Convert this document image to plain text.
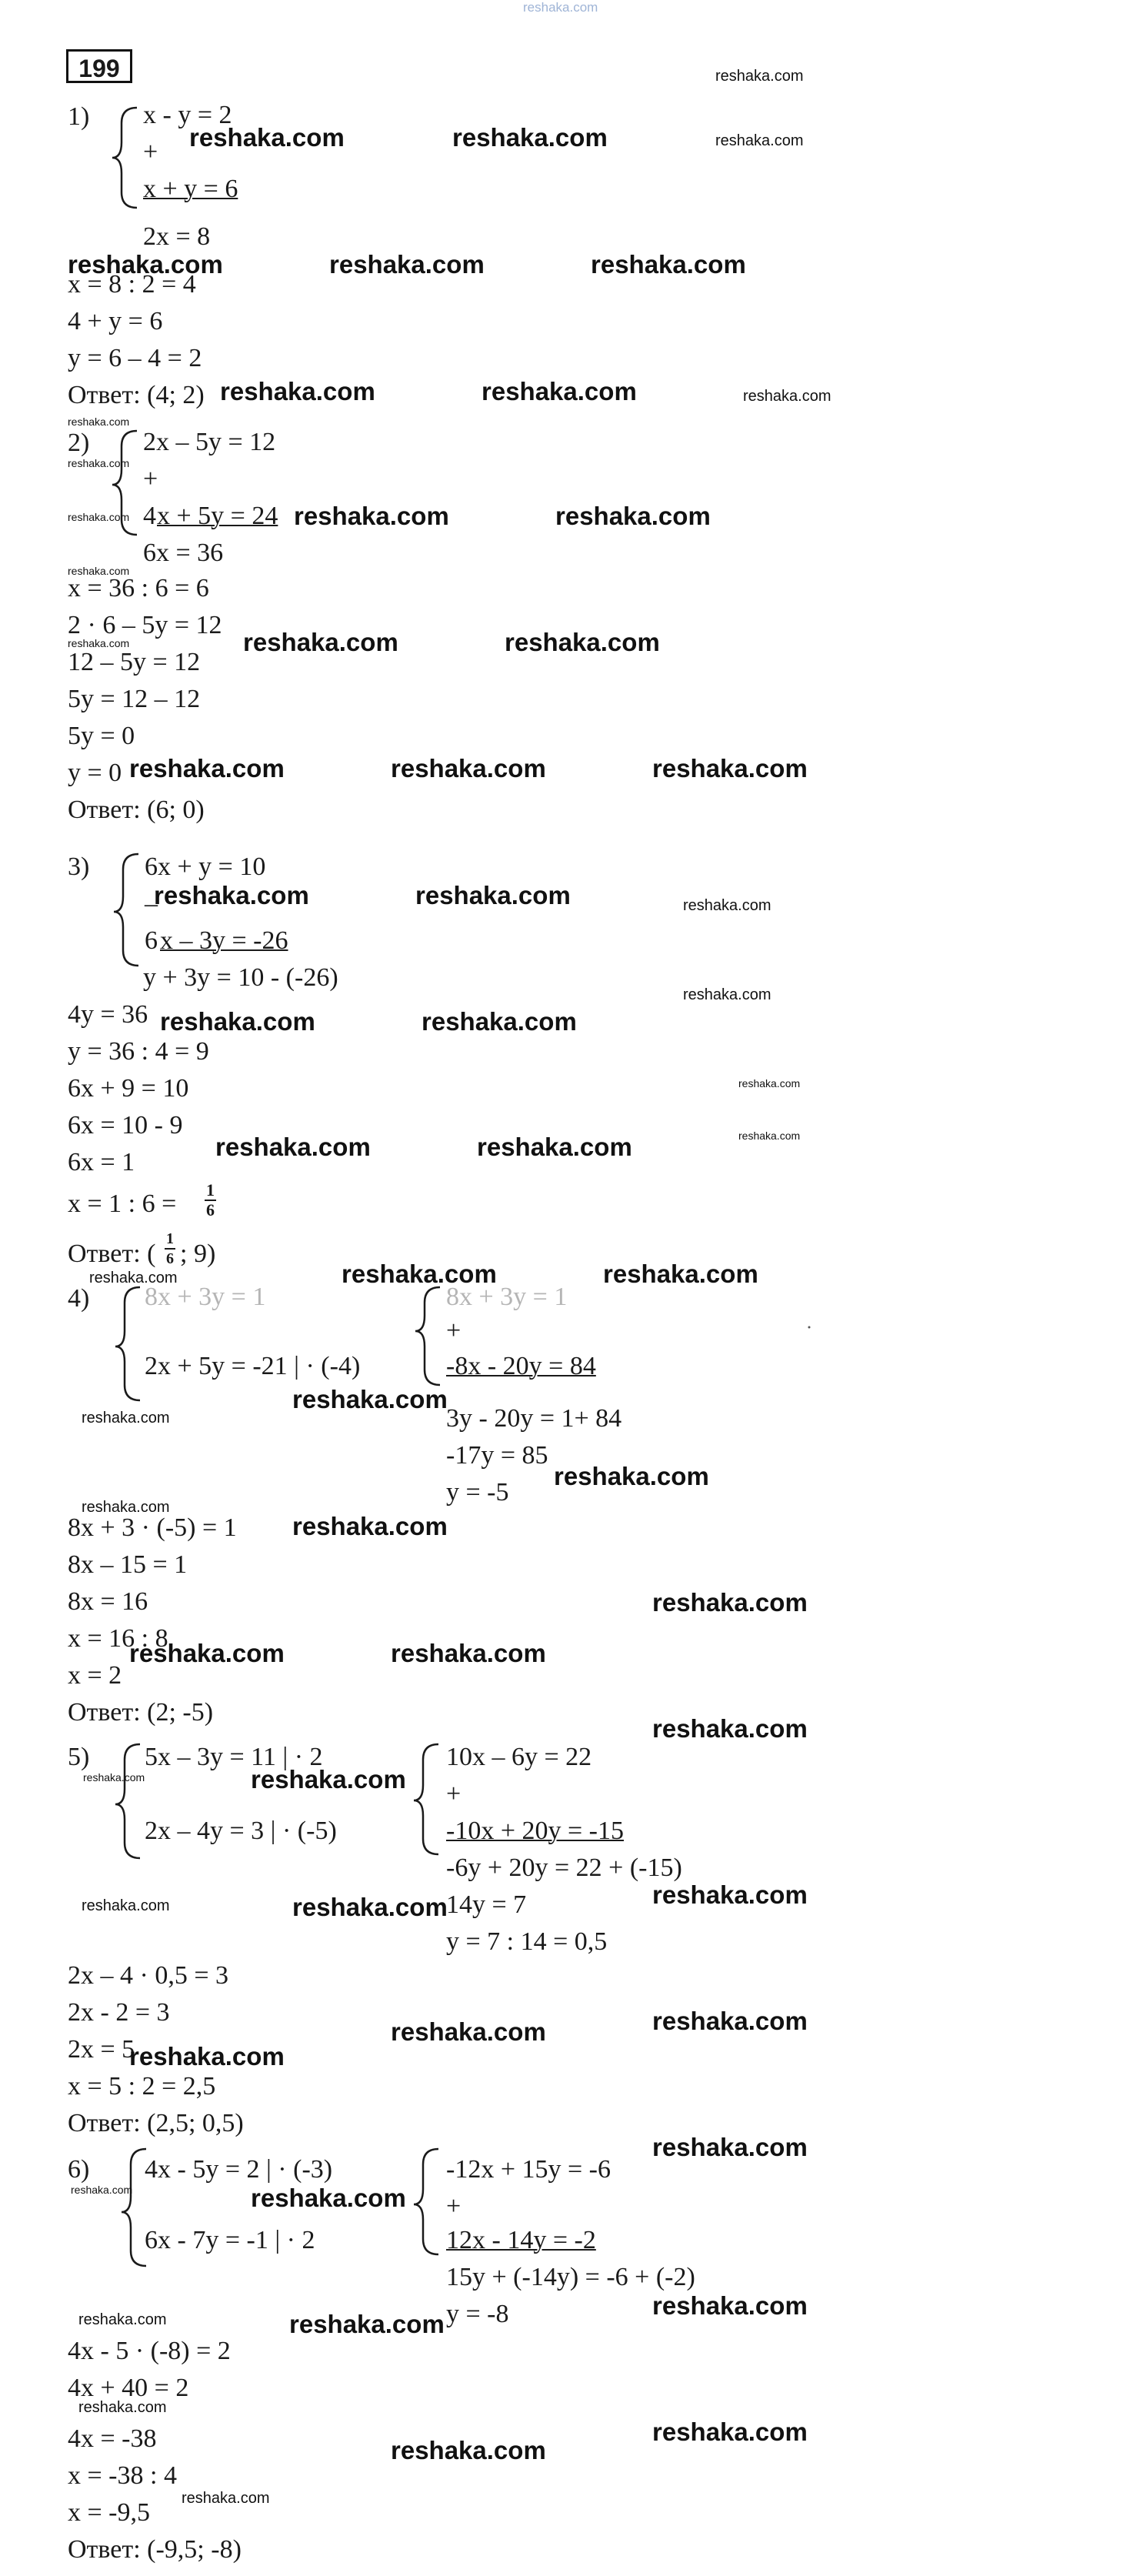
reshaka.com
199
1) x - y = 2
+
x + y = 6
2x = 8
x = 8 : 2 = 4
4 + y = 6
y = 6 – 4 = 2
Ответ: (4; 2)
2) 2x – 5y = 12
+
4 x + 5y = 24
6x = 36
x = 36 : 6 = 6
2 · 6 – 5y = 12
12 – 5y = 12
5y = 12 – 12
5y = 0
y = 0
Ответ: (6; 0)
3) 6x + y = 10
–
6 x – 3y = -26
y + 3y = 10 - (-26)
4y = 36
y = 36 : 4 = 9
6x + 9 = 10
6x = 10 - 9
6x = 1
x = 1 : $6 = \frac{1}{6}$
Ответ: ( $\frac{1}{6}$ ; 9)
4) 8x + 3y = 1
2x + 5y = -21 | · (-4)
8x + 3y = 1
+
-8x - 20y = 84
3y - 20y = 1+ 84
-17y = 85
y = -5
8x + 3 · (-5) = 1
8x – 15 = 1
8x = 16
x = 16 : 8
x = 2
Ответ: (2; -5)
5) 5x – 3y = 11 | · 2
2x – 4y = 3 | · (-5)
10x – 6y = 22
+
-10x + 20y = -15
-6y + 20y = 22 + (-15)
14y = 7
y = 7 : 14 = 0,5
2x – 4 · 0,5 = 3
2x - 2 = 3
2x = 5
x = 5 : 2 = 2,5
Ответ: (2,5; 0,5)
6) 4x - 5y = 2 | · (-3)
6x - 7y = -1 | · 2
-12x + 15y = -6
+
12x - 14y = -2
15y + (-14y) = -6 + (-2)
y = -8
4x - 5 · (-8) = 2
4x + 40 = 2
4x = -38
x = -38 : 4
x = -9,5
Ответ: (-9,5; -8)
reshaka.com
reshaka.com	reshaka.com	reshaka.com
reshaka.com	reshaka.com	reshaka.com
reshaka.com	reshaka.com	reshaka.com
reshaka.com
reshaka.com
reshaka.com	reshaka.com	reshaka.com
reshaka.com
reshaka.com	reshaka.com	reshaka.com
reshaka.com	reshaka.com	reshaka.com
reshaka.com	reshaka.com	reshaka.com
reshaka.com
reshaka.com	reshaka.com
reshaka.com
reshaka.com	reshaka.com	reshaka.com
reshaka.com	reshaka.com
reshaka.com
reshaka.com
reshaka.com
reshaka.com
reshaka.com
reshaka.com
reshaka.com
reshaka.com	reshaka.com
reshaka.com
reshaka.com	reshaka.com
reshaka.com	reshaka.com	reshaka.com
reshaka.com	reshaka.com
reshaka.com
reshaka.com
reshaka.com	reshaka.com
reshaka.com
reshaka.com	reshaka.com
reshaka.com
reshaka.com
reshaka.com
reshaka.com
